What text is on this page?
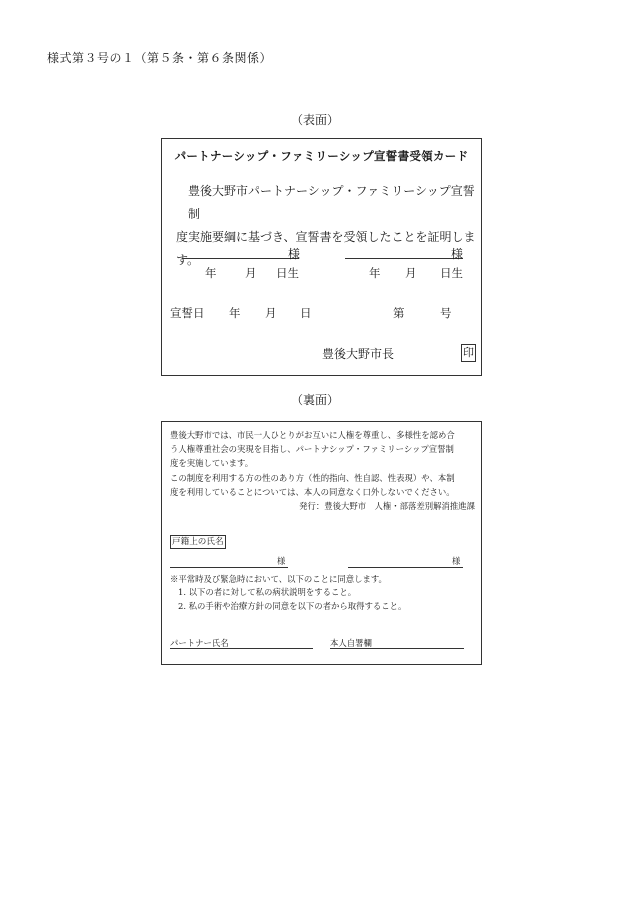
様式第３号の１（第５条・第６条関係）
（表面）
パートナーシップ・ファミリーシップ宣誓書受領カード
豊後大野市パートナーシップ・ファミリーシップ宣誓制
度実施要綱に基づき、宣誓書を受領したことを証明します。	様	様
年 月 日生	年 月 日生
宣誓日 年 月 日	第	号
豊後大野市長	印
（裏面）

豊後大野市では、市民一人ひとりがお互いに人権を尊重し、多様性を認め合

う人権尊重社会の実現を目指し、パートナシップ・ファミリーシップ宣誓制

度を実施しています。

この制度を利用する方の性のあり方（性的指向、性自認、性表現）や、本制

度を利用していることについては、本人の同意なく口外しないでください。

発行：豊後大野市　人権・部落差別解消推進課

戸籍上の氏名
様	様

※平常時及び緊急時において、以下のことに同意します。

1. 以下の者に対して私の病状説明をすること。

2. 私の手術や治療方針の同意を以下の者から取得すること。

パートナー氏名	本人自署欄
